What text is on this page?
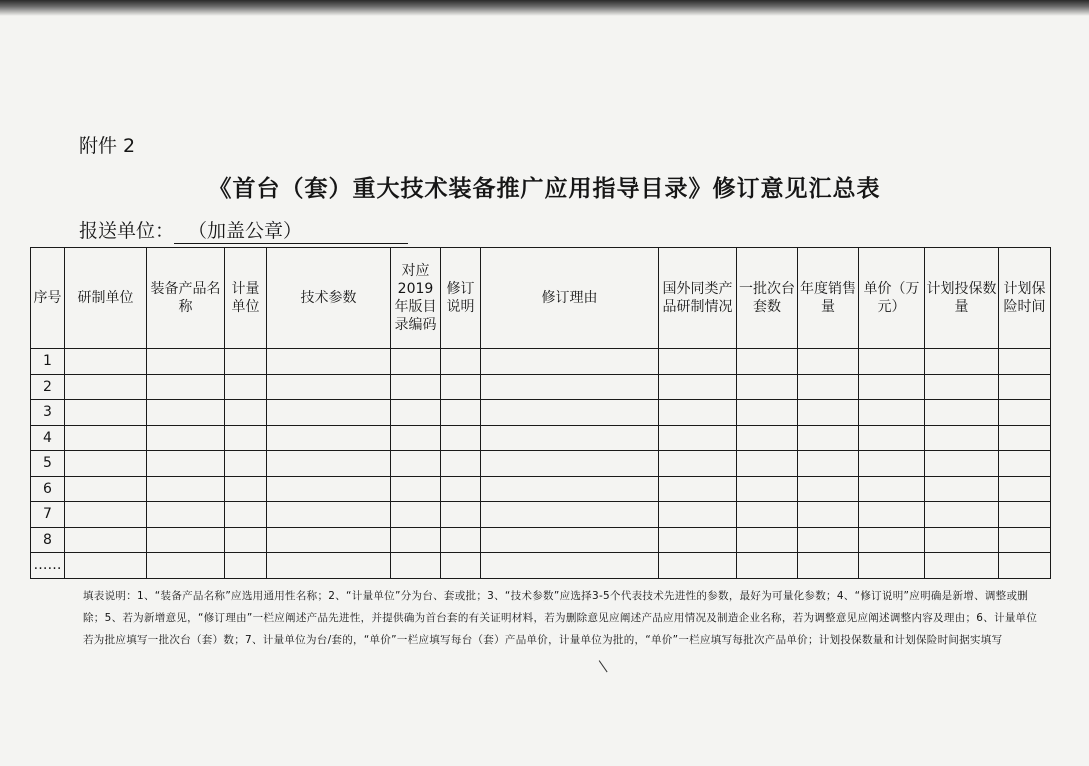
附件 2
《首台（套）重大技术装备推广应用指导目录》修订意见汇总表
报送单位： （加盖公章）
序号	研制单位	装备产品名称	计量单位	技术参数	对应2019年版目录编码	修订说明	修订理由	国外同类产品研制情况	一批次台套数	年度销售量	单价（万元）	计划投保数量	计划保险时间
1													
2													
3													
4													
5													
6													
7													
8													
……													
填表说明：1、“装备产品名称”应选用通用性名称；2、“计量单位”分为台、套或批；3、“技术参数”应选择3-5个代表技术先进性的参数，最好为可量化参数；4、“修订说明”应明确是新增、调整或删除；5、若为新增意见，“修订理由”一栏应阐述产品先进性，并提供确为首台套的有关证明材料，若为删除意见应阐述产品应用情况及制造企业名称，若为调整意见应阐述调整内容及理由；6、计量单位若为批应填写一批次台（套）数；7、计量单位为台/套的，“单价”一栏应填写每台（套）产品单价，计量单位为批的，“单价”一栏应填写每批次产品单价；计划投保数量和计划保险时间据实填写
